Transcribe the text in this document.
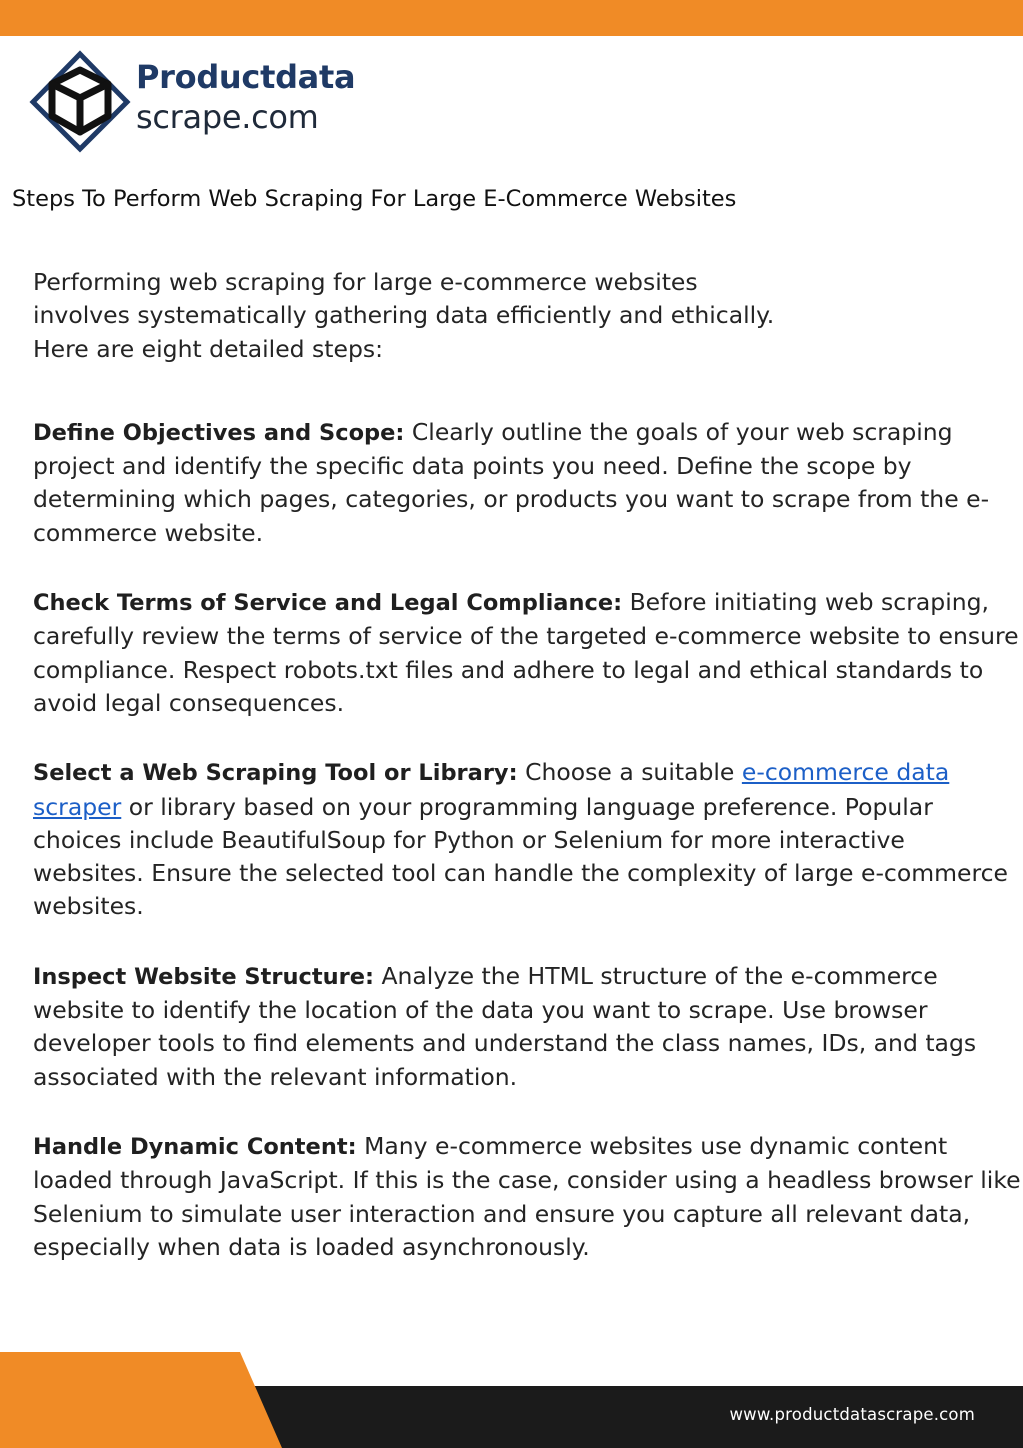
Productdata
scrape.com
Steps To Perform Web Scraping For Large E-Commerce Websites

Performing web scraping for large e-commerce websites involves systematically gathering data efficiently and ethically. Here are eight detailed steps:

Define Objectives and Scope: Clearly outline the goals of your web scraping project and identify the specific data points you need. Define the scope by determining which pages, categories, or products you want to scrape from the e-commerce website.

Check Terms of Service and Legal Compliance: Before initiating web scraping, carefully review the terms of service of the targeted e-commerce website to ensure compliance. Respect robots.txt files and adhere to legal and ethical standards to avoid legal consequences.

Select a Web Scraping Tool or Library: Choose a suitable e-commerce data scraper or library based on your programming language preference. Popular choices include BeautifulSoup for Python or Selenium for more interactive websites. Ensure the selected tool can handle the complexity of large e-commerce websites.

Inspect Website Structure: Analyze the HTML structure of the e-commerce website to identify the location of the data you want to scrape. Use browser developer tools to find elements and understand the class names, IDs, and tags associated with the relevant information.

Handle Dynamic Content: Many e-commerce websites use dynamic content loaded through JavaScript. If this is the case, consider using a headless browser like Selenium to simulate user interaction and ensure you capture all relevant data, especially when data is loaded asynchronously.

www.productdatascrape.com
